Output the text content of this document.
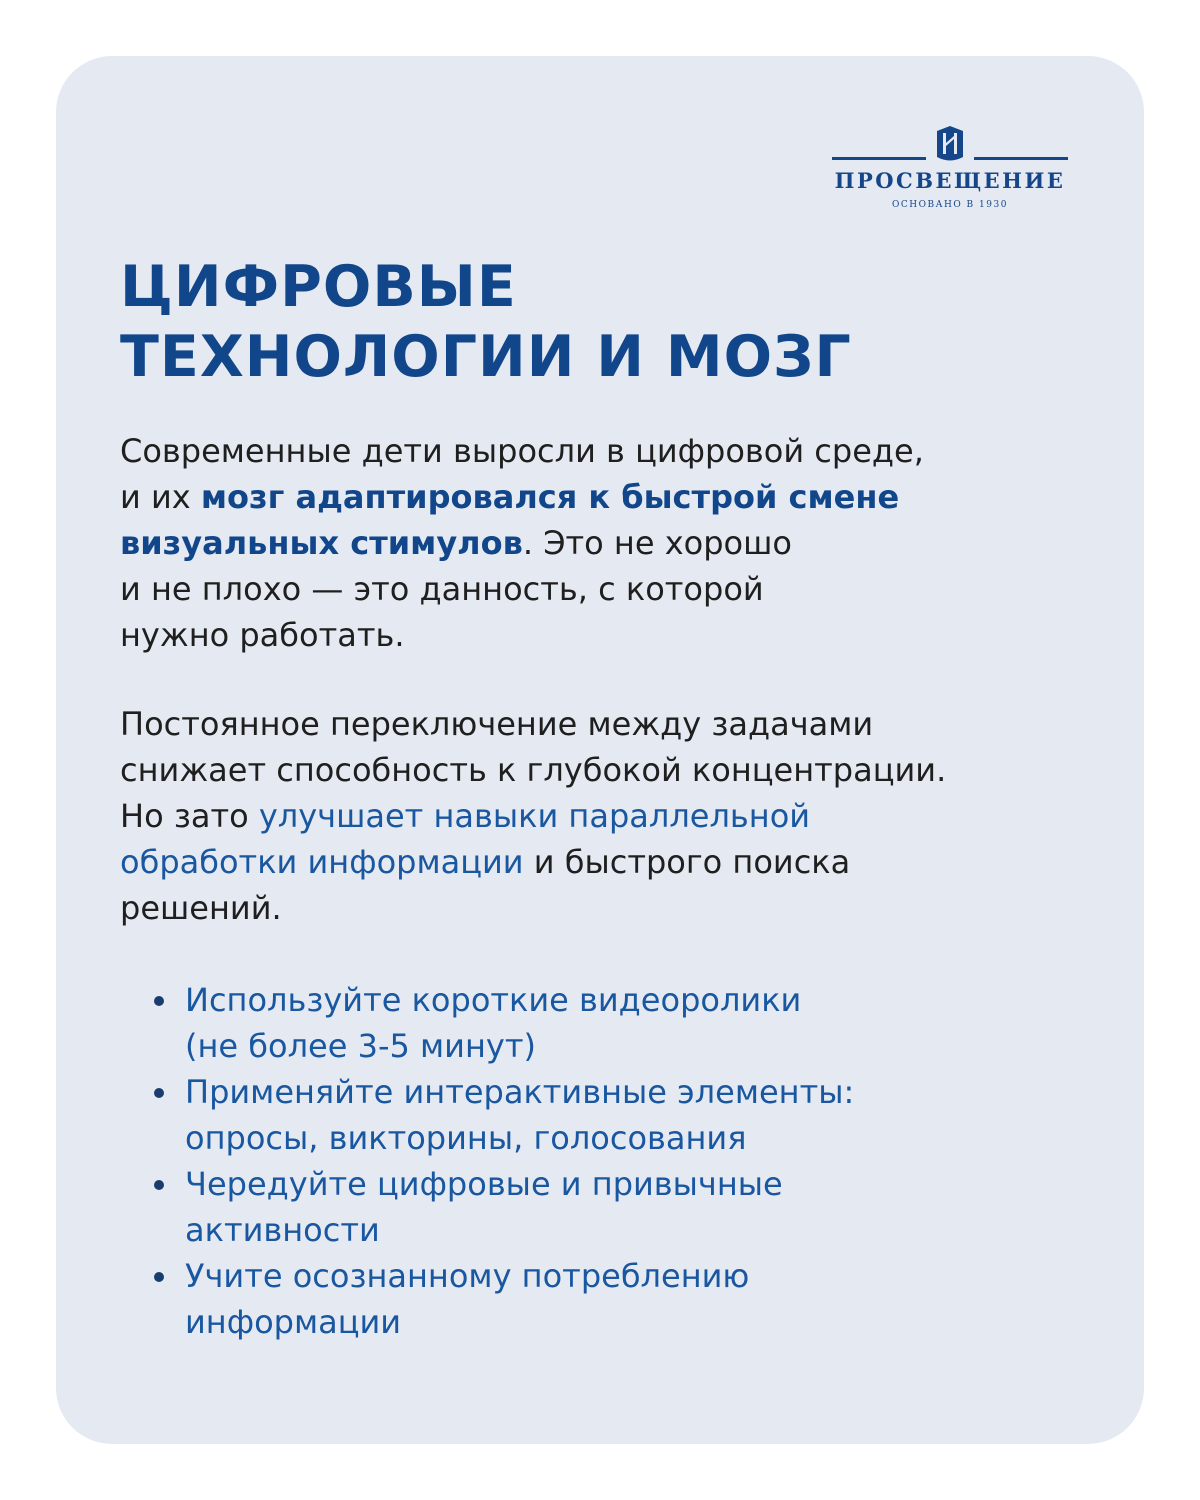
ПРОСВЕЩЕНИЕ
ОСНОВАНО В 1930
ЦИФРОВЫЕ
ТЕХНОЛОГИИ И МОЗГ

Современные дети выросли в цифровой среде,
и их мозг адаптировался к быстрой смене
визуальных стимулов. Это не хорошо
и не плохо — это данность, с которой
нужно работать.

Постоянное переключение между задачами
снижает способность к глубокой концентрации.
Но зато улучшает навыки параллельной
обработки информации и быстрого поиска
решений.

Используйте короткие видеоролики
(не более 3-5 минут)
Применяйте интерактивные элементы:
опросы, викторины, голосования
Чередуйте цифровые и привычные
активности
Учите осознанному потреблению
информации
